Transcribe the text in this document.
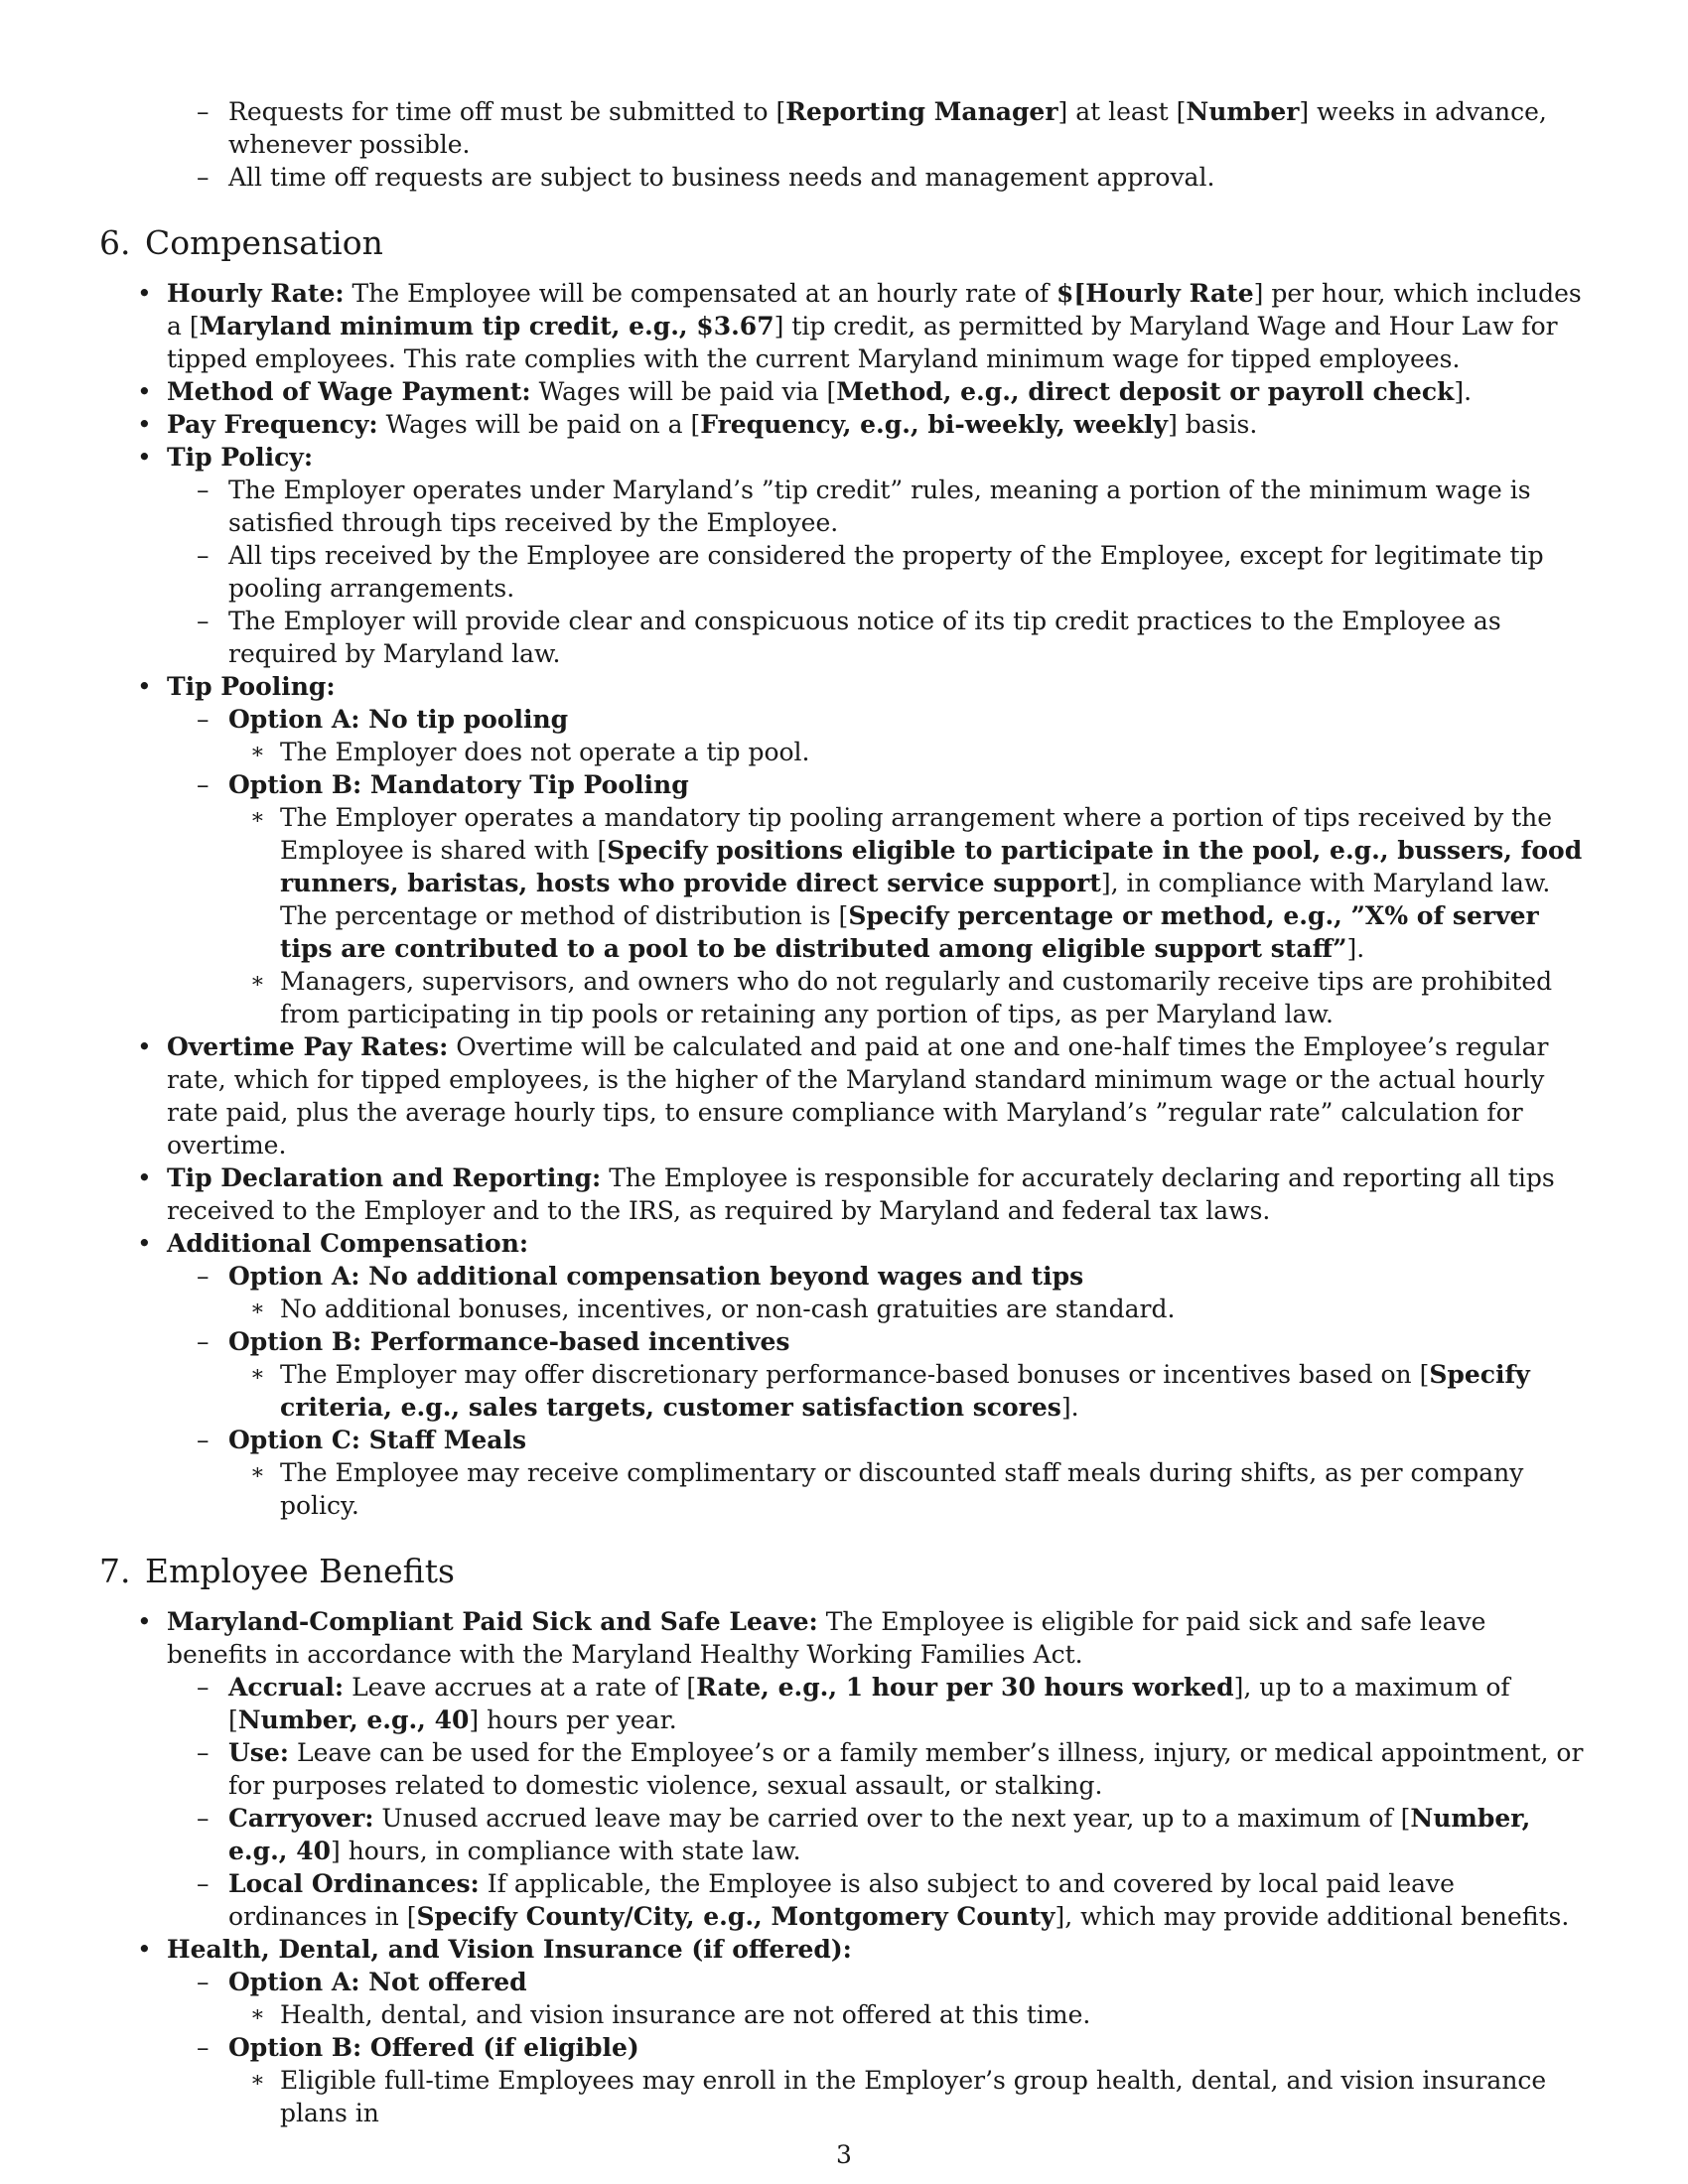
– Requests for time off must be submitted to [Reporting Manager] at least [Number] weeks in advance, whenever possible.
– All time off requests are subject to business needs and management approval.
6. Compensation
• Hourly Rate: The Employee will be compensated at an hourly rate of $[Hourly Rate] per hour, which includes a [Maryland minimum tip credit, e.g., $3.67] tip credit, as permitted by Maryland Wage and Hour Law for tipped employees. This rate complies with the current Maryland minimum wage for tipped employees.
• Method of Wage Payment: Wages will be paid via [Method, e.g., direct deposit or payroll check].
• Pay Frequency: Wages will be paid on a [Frequency, e.g., bi-weekly, weekly] basis.
• Tip Policy:
– The Employer operates under Maryland’s ”tip credit” rules, meaning a portion of the minimum wage is satisfied through tips received by the Employee.
– All tips received by the Employee are considered the property of the Employee, except for legitimate tip pooling arrangements.
– The Employer will provide clear and conspicuous notice of its tip credit practices to the Employee as required by Maryland law.
• Tip Pooling:
– Option A: No tip pooling
∗ The Employer does not operate a tip pool.
– Option B: Mandatory Tip Pooling
∗ The Employer operates a mandatory tip pooling arrangement where a portion of tips received by the Employee is shared with [Specify positions eligible to participate in the pool, e.g., bussers, food runners, baristas, hosts who provide direct service support], in compliance with Maryland law. The percentage or method of distribution is [Specify percentage or method, e.g., ”X% of server tips are contributed to a pool to be distributed among eligible support staff”].
∗ Managers, supervisors, and owners who do not regularly and customarily receive tips are prohibited from participating in tip pools or retaining any portion of tips, as per Maryland law.
• Overtime Pay Rates: Overtime will be calculated and paid at one and one-half times the Employee’s regular rate, which for tipped employees, is the higher of the Maryland standard minimum wage or the actual hourly rate paid, plus the average hourly tips, to ensure compliance with Maryland’s ”regular rate” calculation for overtime.
• Tip Declaration and Reporting: The Employee is responsible for accurately declaring and reporting all tips received to the Employer and to the IRS, as required by Maryland and federal tax laws.
• Additional Compensation:
– Option A: No additional compensation beyond wages and tips
∗ No additional bonuses, incentives, or non-cash gratuities are standard.
– Option B: Performance-based incentives
∗ The Employer may offer discretionary performance-based bonuses or incentives based on [Specify criteria, e.g., sales targets, customer satisfaction scores].
– Option C: Staff Meals
∗ The Employee may receive complimentary or discounted staff meals during shifts, as per company policy.
7. Employee Benefits
• Maryland-Compliant Paid Sick and Safe Leave: The Employee is eligible for paid sick and safe leave benefits in accordance with the Maryland Healthy Working Families Act.
– Accrual: Leave accrues at a rate of [Rate, e.g., 1 hour per 30 hours worked], up to a maximum of [Number, e.g., 40] hours per year.
– Use: Leave can be used for the Employee’s or a family member’s illness, injury, or medical appointment, or for purposes related to domestic violence, sexual assault, or stalking.
– Carryover: Unused accrued leave may be carried over to the next year, up to a maximum of [Number, e.g., 40] hours, in compliance with state law.
– Local Ordinances: If applicable, the Employee is also subject to and covered by local paid leave ordinances in [Specify County/City, e.g., Montgomery County], which may provide additional benefits.
• Health, Dental, and Vision Insurance (if offered):
– Option A: Not offered
∗ Health, dental, and vision insurance are not offered at this time.
– Option B: Offered (if eligible)
∗ Eligible full-time Employees may enroll in the Employer’s group health, dental, and vision insurance plans in
3
